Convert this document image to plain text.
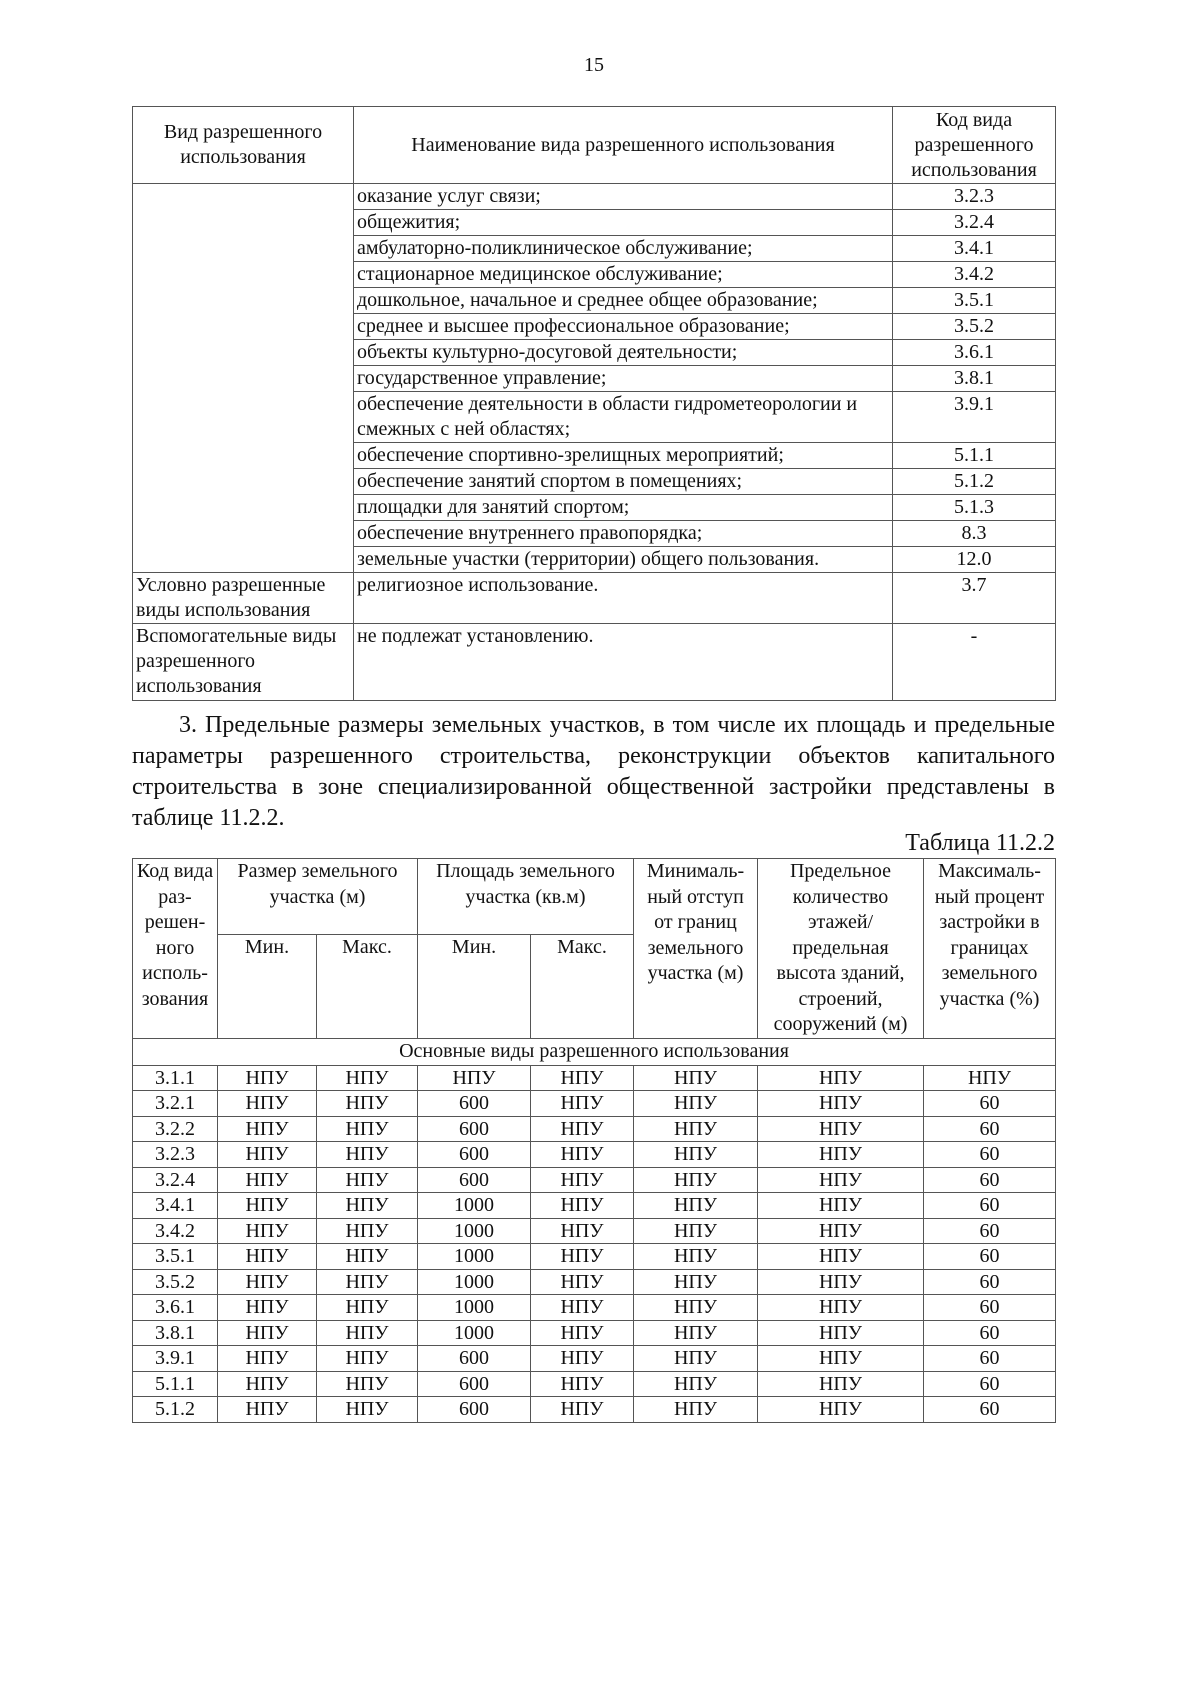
15
Вид разрешенного использования	Наименование вида разрешенного использования	Код вида разрешенного использования
	оказание услуг связи;	3.2.3
	общежития;	3.2.4
	амбулаторно-поликлиническое обслуживание;	3.4.1
	стационарное медицинское обслуживание;	3.4.2
	дошкольное, начальное и среднее общее образование;	3.5.1
	среднее и высшее профессиональное образование;	3.5.2
	объекты культурно-досуговой деятельности;	3.6.1
	государственное управление;	3.8.1
	обеспечение деятельности в области гидрометеорологии и смежных с ней областях;	3.9.1
	обеспечение спортивно-зрелищных мероприятий;	5.1.1
	обеспечение занятий спортом в помещениях;	5.1.2
	площадки для занятий спортом;	5.1.3
	обеспечение внутреннего правопорядка;	8.3
	земельные участки (территории) общего пользования.	12.0
Условно разрешенные виды использования	религиозное использование.	3.7
Вспомогательные виды разрешенного использования	не подлежат установлению.	-
3. Предельные размеры земельных участков, в том числе их площадь и предельные параметры разрешенного строительства, реконструкции объектов капитального строительства в зоне специализированной общественной застройки представлены в таблице 11.2.2.
Таблица 11.2.2
Код вида раз-решен-ного исполь-зования	Размер земельного участка (м)		Площадь земельного участка (кв.м)		Минималь-ный отступ от границ земельного участка (м)	Предельное количество этажей/ предельная высота зданий, строений, сооружений (м)	Максималь-ный процент застройки в границах земельного участка (%)
	Мин.	Макс.	Мин.	Макс.			
Основные виды разрешенного использования							
3.1.1	НПУ	НПУ	НПУ	НПУ	НПУ	НПУ	НПУ
3.2.1	НПУ	НПУ	600	НПУ	НПУ	НПУ	60
3.2.2	НПУ	НПУ	600	НПУ	НПУ	НПУ	60
3.2.3	НПУ	НПУ	600	НПУ	НПУ	НПУ	60
3.2.4	НПУ	НПУ	600	НПУ	НПУ	НПУ	60
3.4.1	НПУ	НПУ	1000	НПУ	НПУ	НПУ	60
3.4.2	НПУ	НПУ	1000	НПУ	НПУ	НПУ	60
3.5.1	НПУ	НПУ	1000	НПУ	НПУ	НПУ	60
3.5.2	НПУ	НПУ	1000	НПУ	НПУ	НПУ	60
3.6.1	НПУ	НПУ	1000	НПУ	НПУ	НПУ	60
3.8.1	НПУ	НПУ	1000	НПУ	НПУ	НПУ	60
3.9.1	НПУ	НПУ	600	НПУ	НПУ	НПУ	60
5.1.1	НПУ	НПУ	600	НПУ	НПУ	НПУ	60
5.1.2	НПУ	НПУ	600	НПУ	НПУ	НПУ	60
